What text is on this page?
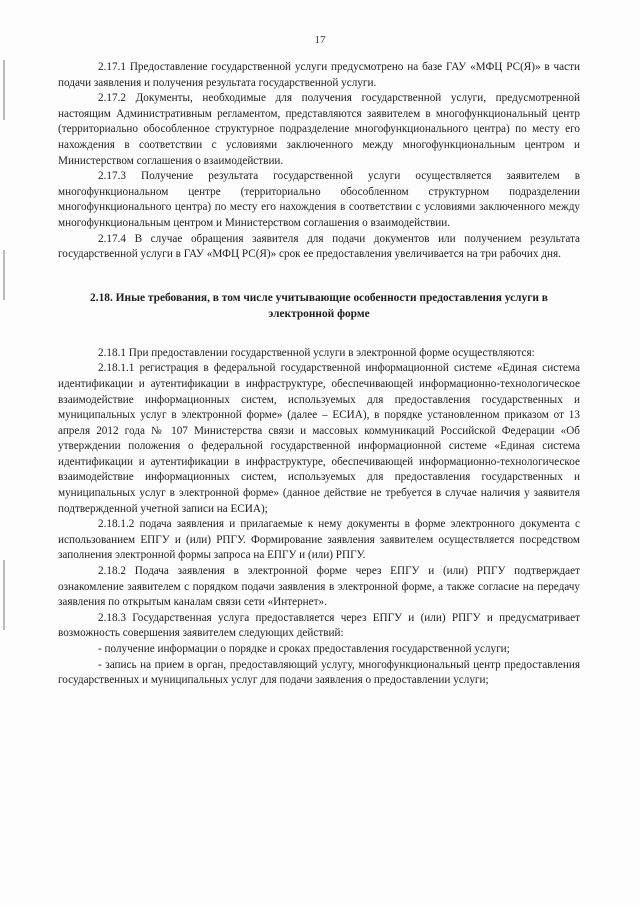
17

2.17.1 Предоставление государственной услуги предусмотрено на базе ГАУ «МФЦ РС(Я)» в части подачи заявления и получения результата государственной услуги.

2.17.2 Документы, необходимые для получения государственной услуги, предусмотренной настоящим Административным регламентом, представляются заявителем в многофункциональный центр (территориально обособленное структурное подразделение многофункционального центра) по месту его нахождения в соответствии с условиями заключенного между многофункциональным центром и Министерством соглашения о взаимодействии.

2.17.3 Получение результата государственной услуги осуществляется заявителем в многофункциональном центре (территориально обособленном структурном подразделении многофункционального центра) по месту его нахождения в соответствии с условиями заключенного между многофункциональным центром и Министерством соглашения о взаимодействии.

2.17.4 В случае обращения заявителя для подачи документов или получением результата государственной услуги в ГАУ «МФЦ РС(Я)» срок ее предоставления увеличивается на три рабочих дня.

2.18. Иные требования, в том числе учитывающие особенности предоставления услуги в электронной форме

2.18.1 При предоставлении государственной услуги в электронной форме осуществляются:

2.18.1.1 регистрация в федеральной государственной информационной системе «Единая система идентификации и аутентификации в инфраструктуре, обеспечивающей информационно-технологическое взаимодействие информационных систем, используемых для предоставления государственных и муниципальных услуг в электронной форме» (далее – ЕСИА), в порядке установленном приказом от 13 апреля 2012 года № 107 Министерства связи и массовых коммуникаций Российской Федерации «Об утверждении положения о федеральной государственной информационной системе «Единая система идентификации и аутентификации в инфраструктуре, обеспечивающей информационно-технологическое взаимодействие информационных систем, используемых для предоставления государственных и муниципальных услуг в электронной форме» (данное действие не требуется в случае наличия у заявителя подтвержденной учетной записи на ЕСИА);

2.18.1.2 подача заявления и прилагаемые к нему документы в форме электронного документа с использованием ЕПГУ и (или) РПГУ. Формирование заявления заявителем осуществляется посредством заполнения электронной формы запроса на ЕПГУ и (или) РПГУ.

2.18.2 Подача заявления в электронной форме через ЕПГУ и (или) РПГУ подтверждает ознакомление заявителем с порядком подачи заявления в электронной форме, а также согласие на передачу заявления по открытым каналам связи сети «Интернет».

2.18.3 Государственная услуга предоставляется через ЕПГУ и (или) РПГУ и предусматривает возможность совершения заявителем следующих действий:

- получение информации о порядке и сроках предоставления государственной услуги;

- запись на прием в орган, предоставляющий услугу, многофункциональный центр предоставления государственных и муниципальных услуг для подачи заявления о предоставлении услуги;
